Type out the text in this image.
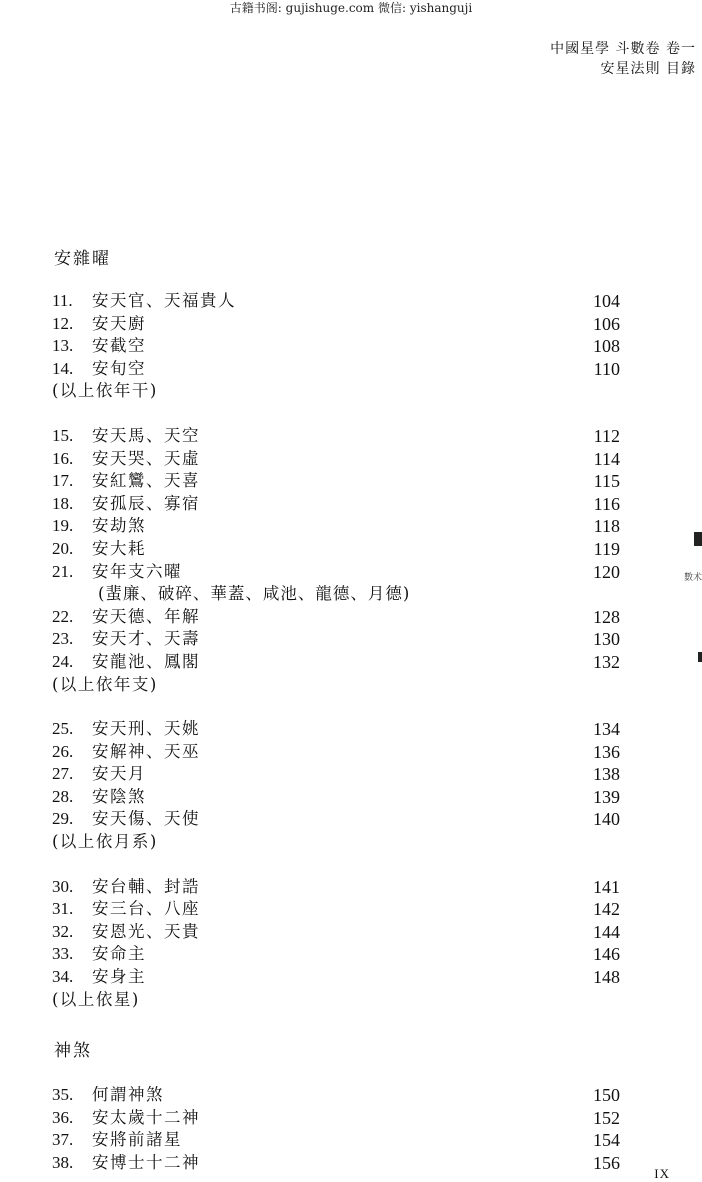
古籍书阁: gujishuge.com 微信: yishanguji
中國星學 斗數卷 卷一
安星法則 目錄
安雜曜
11. 安天官、天福貴人	104
12. 安天廚	106
13. 安截空	108
14. 安旬空	110
(以上依年干)
15. 安天馬、天空	112
16. 安天哭、天虛	114
17. 安紅鸞、天喜	115
18. 安孤辰、寡宿	116
19. 安劫煞	118
20. 安大耗	119
21. 安年支六曜	120
(蜚廉、破碎、華蓋、咸池、龍德、月德)
22. 安天德、年解	128
23. 安天才、天壽	130
24. 安龍池、鳳閣	132
(以上依年支)
25. 安天刑、天姚	134
26. 安解神、天巫	136
27. 安天月	138
28. 安陰煞	139
29. 安天傷、天使	140
(以上依月系)
30. 安台輔、封誥	141
31. 安三台、八座	142
32. 安恩光、天貴	144
33. 安命主	146
34. 安身主	148
(以上依星)
神煞
35. 何謂神煞	150
36. 安太歲十二神	152
37. 安將前諸星	154
38. 安博士十二神	156
數术
IX
